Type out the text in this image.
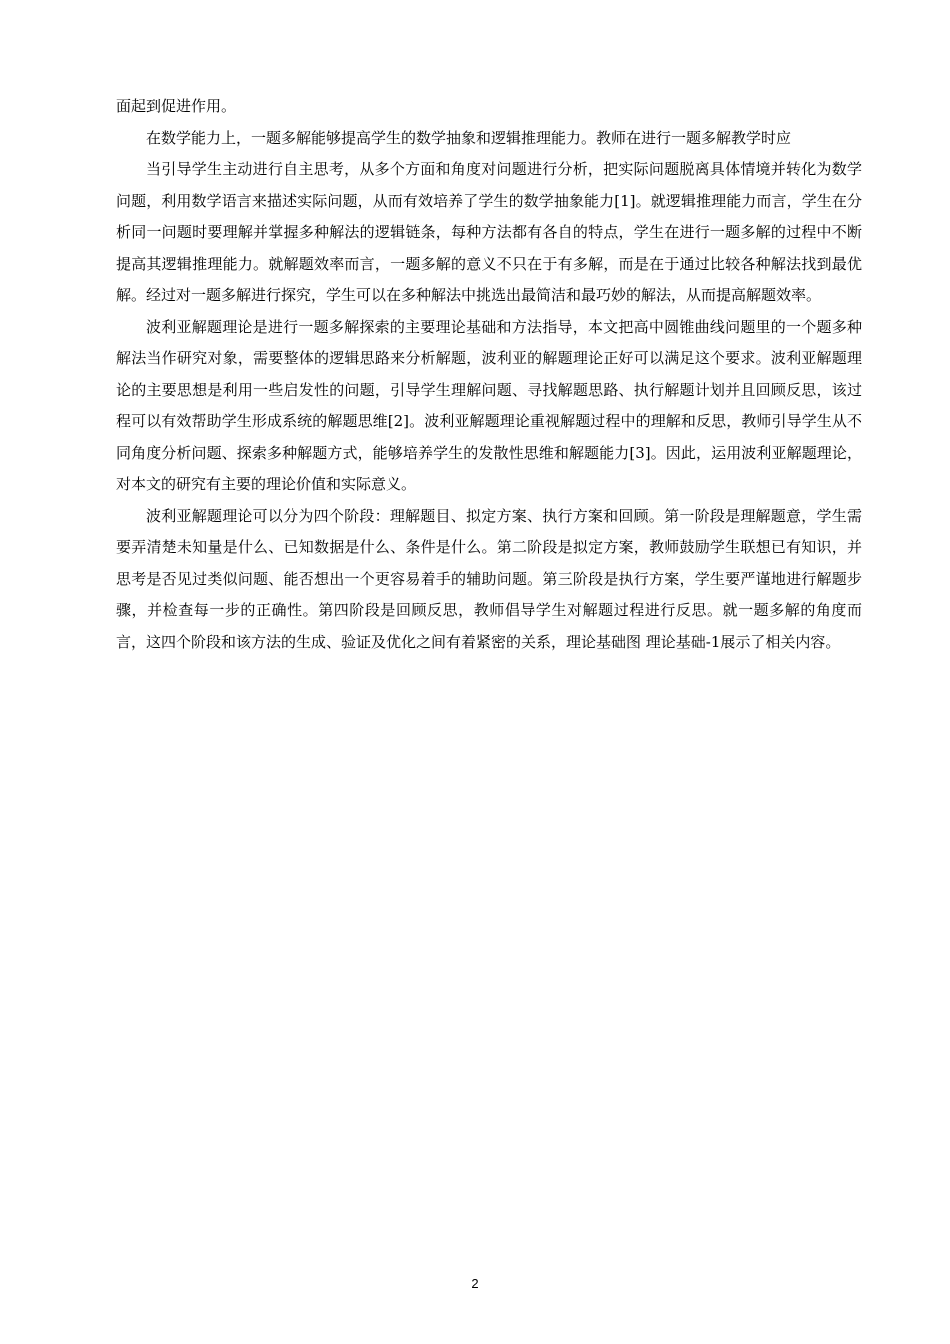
面起到促进作用。

在数学能力上，一题多解能够提高学生的数学抽象和逻辑推理能力。教师在进行一题多解教学时应

当引导学生主动进行自主思考，从多个方面和角度对问题进行分析，把实际问题脱离具体情境并转化为数学问题，利用数学语言来描述实际问题，从而有效培养了学生的数学抽象能力[1]。就逻辑推理能力而言，学生在分析同一问题时要理解并掌握多种解法的逻辑链条，每种方法都有各自的特点，学生在进行一题多解的过程中不断提高其逻辑推理能力。就解题效率而言，一题多解的意义不只在于有多解，而是在于通过比较各种解法找到最优解。经过对一题多解进行探究，学生可以在多种解法中挑选出最简洁和最巧妙的解法，从而提高解题效率。

波利亚解题理论是进行一题多解探索的主要理论基础和方法指导，本文把高中圆锥曲线问题里的一个题多种解法当作研究对象，需要整体的逻辑思路来分析解题，波利亚的解题理论正好可以满足这个要求。波利亚解题理论的主要思想是利用一些启发性的问题，引导学生理解问题、寻找解题思路、执行解题计划并且回顾反思，该过程可以有效帮助学生形成系统的解题思维[2]。波利亚解题理论重视解题过程中的理解和反思，教师引导学生从不同角度分析问题、探索多种解题方式，能够培养学生的发散性思维和解题能力[3]。因此，运用波利亚解题理论，对本文的研究有主要的理论价值和实际意义。

波利亚解题理论可以分为四个阶段：理解题目、拟定方案、执行方案和回顾。第一阶段是理解题意，学生需要弄清楚未知量是什么、已知数据是什么、条件是什么。第二阶段是拟定方案，教师鼓励学生联想已有知识，并思考是否见过类似问题、能否想出一个更容易着手的辅助问题。第三阶段是执行方案，学生要严谨地进行解题步骤，并检查每一步的正确性。第四阶段是回顾反思，教师倡导学生对解题过程进行反思。就一题多解的角度而言，这四个阶段和该方法的生成、验证及优化之间有着紧密的关系，理论基础图 理论基础-1展示了相关内容。

2
